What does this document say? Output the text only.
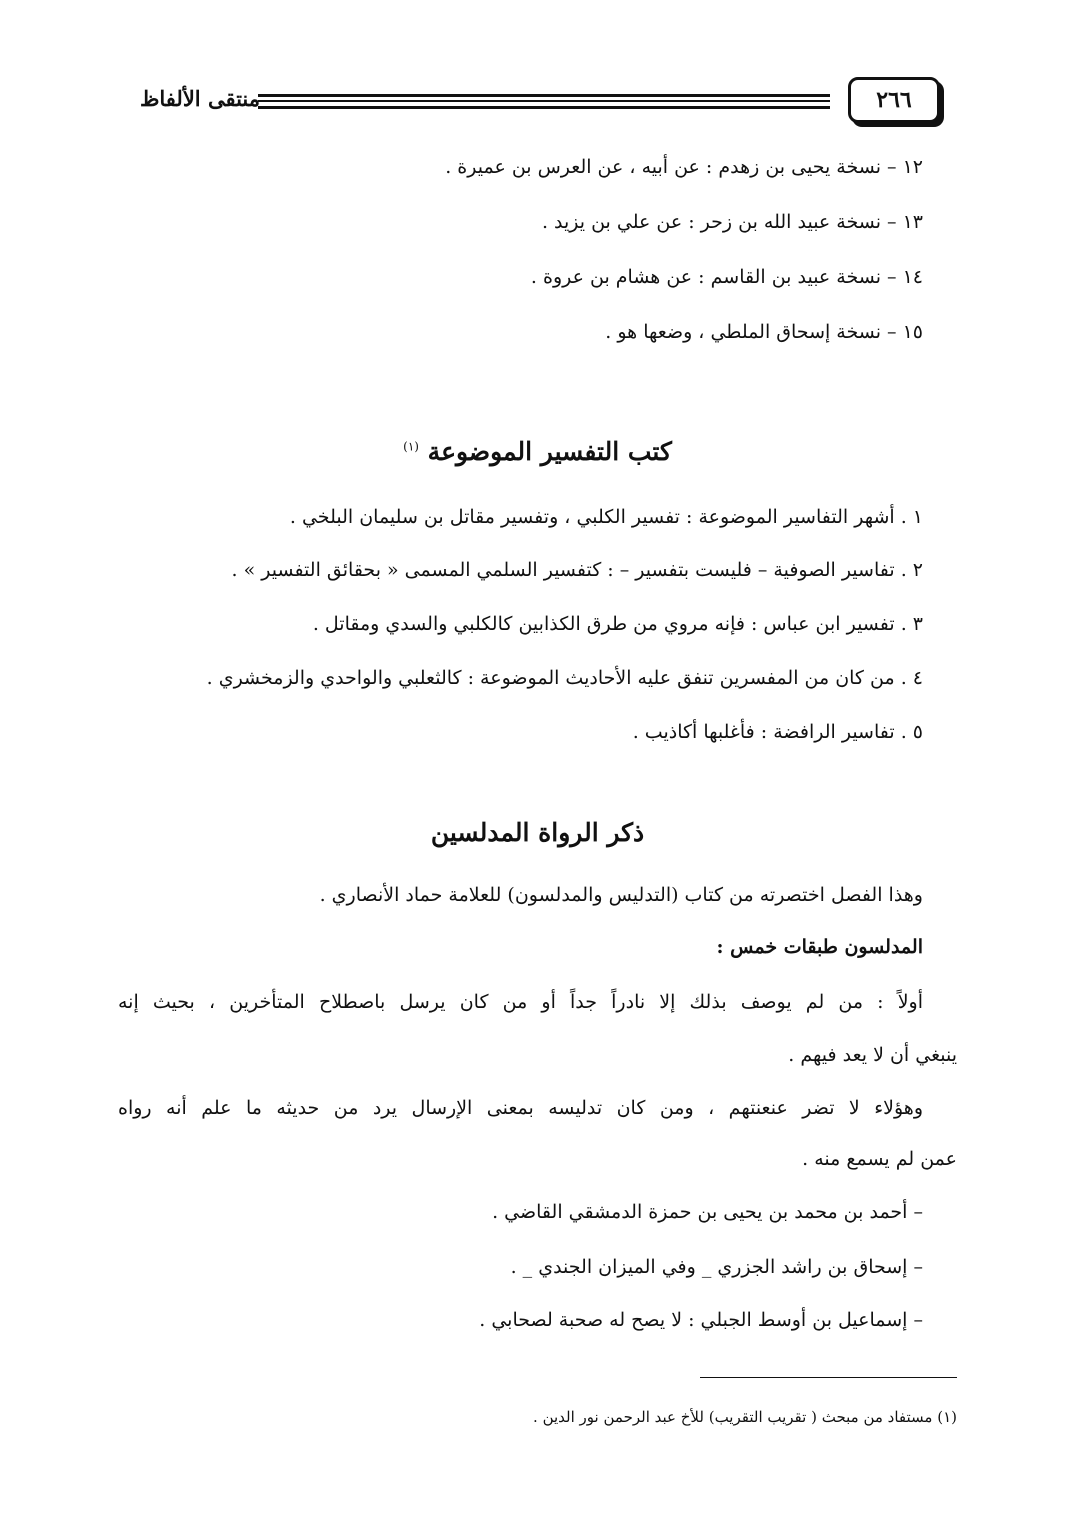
٢٦٦
منتقى الألفاظ
١٢ – نسخة يحيى بن زهدم : عن أبيه ، عن العرس بن عميرة .
١٣ – نسخة عبيد الله بن زحر : عن علي بن يزيد .
١٤ – نسخة عبيد بن القاسم : عن هشام بن عروة .
١٥ – نسخة إسحاق الملطي ، وضعها هو .
كتب التفسير الموضوعة $^{(١)}$
١ . أشهر التفاسير الموضوعة : تفسير الكلبي ، وتفسير مقاتل بن سليمان البلخي .
٢ . تفاسير الصوفية – فليست بتفسير – : كتفسير السلمي المسمى « بحقائق التفسير » .
٣ . تفسير ابن عباس : فإنه مروي من طرق الكذابين كالكلبي والسدي ومقاتل .
٤ . من كان من المفسرين تنفق عليه الأحاديث الموضوعة : كالثعلبي والواحدي والزمخشري .
٥ . تفاسير الرافضة : فأغلبها أكاذيب .
ذكر الرواة المدلسين
وهذا الفصل اختصرته من كتاب (التدليس والمدلسون) للعلامة حماد الأنصاري .
المدلسون طبقات خمس :
أولاً : من لم يوصف بذلك إلا نادراً جداً أو من كان يرسل باصطلاح المتأخرين ، بحيث إنه
ينبغي أن لا يعد فيهم .
وهؤلاء لا تضر عنعنتهم ، ومن كان تدليسه بمعنى الإرسال يرد من حديثه ما علم أنه رواه
عمن لم يسمع منه .
– أحمد بن محمد بن يحيى بن حمزة الدمشقي القاضي .
– إسحاق بن راشد الجزري _ وفي الميزان الجندي _ .
– إسماعيل بن أوسط الجبلي : لا يصح له صحبة لصحابي .
(١) مستفاد من مبحث ( تقريب التقريب) للأخ عبد الرحمن نور الدين .
